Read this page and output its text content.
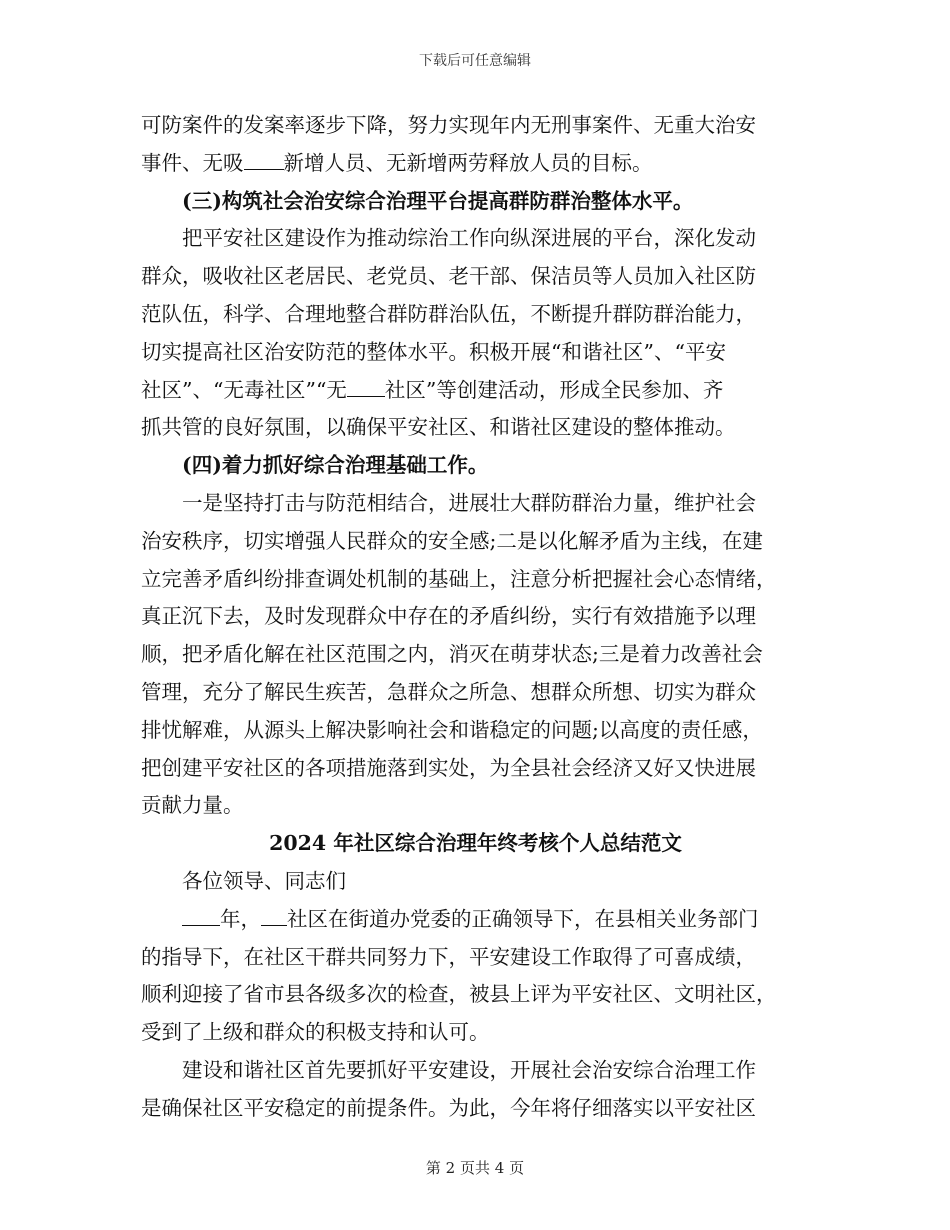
下载后可任意编辑
可防案件的发案率逐步下降，努力实现年内无刑事案件、无重大治安
事件、无吸 新增人员、无新增两劳释放人员的目标。
(三)构筑社会治安综合治理平台提高群防群治整体水平。
把平安社区建设作为推动综治工作向纵深进展的平台，深化发动
群众，吸收社区老居民、老党员、老干部、保洁员等人员加入社区防
范队伍，科学、合理地整合群防群治队伍，不断提升群防群治能力，
切实提高社区治安防范的整体水平。积极开展“和谐社区”、“平安
社区”、“无毒社区”“无 社区”等创建活动，形成全民参加、齐
抓共管的良好氛围，以确保平安社区、和谐社区建设的整体推动。
(四)着力抓好综合治理基础工作。
一是坚持打击与防范相结合，进展壮大群防群治力量，维护社会
治安秩序，切实增强人民群众的安全感;二是以化解矛盾为主线，在建
立完善矛盾纠纷排查调处机制的基础上，注意分析把握社会心态情绪，
真正沉下去，及时发现群众中存在的矛盾纠纷，实行有效措施予以理
顺，把矛盾化解在社区范围之内，消灭在萌芽状态;三是着力改善社会
管理，充分了解民生疾苦，急群众之所急、想群众所想、切实为群众
排忧解难，从源头上解决影响社会和谐稳定的问题;以高度的责任感，
把创建平安社区的各项措施落到实处，为全县社会经济又好又快进展
贡献力量。
2024 年社区综合治理年终考核个人总结范文
各位领导、同志们
年， 社区在街道办党委的正确领导下，在县相关业务部门
的指导下，在社区干群共同努力下，平安建设工作取得了可喜成绩，
顺利迎接了省市县各级多次的检查，被县上评为平安社区、文明社区，
受到了上级和群众的积极支持和认可。
建设和谐社区首先要抓好平安建设，开展社会治安综合治理工作
是确保社区平安稳定的前提条件。为此，今年将仔细落实以平安社区
第 2 页共 4 页
